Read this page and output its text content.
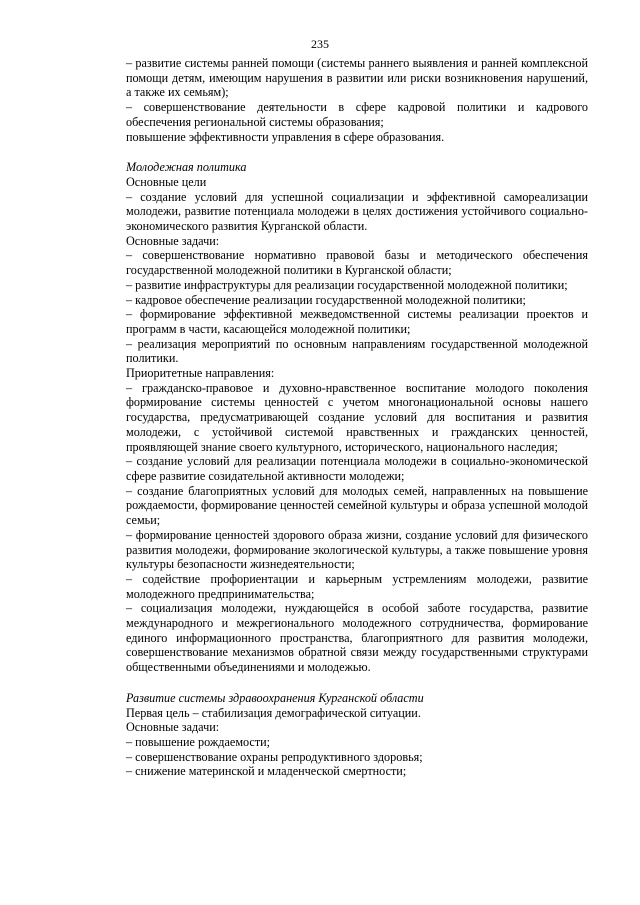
235

– развитие системы ранней помощи (системы раннего выявления и ранней комплексной помощи детям, имеющим нарушения в развитии или риски возникновения нарушений, а также их семьям);

– совершенствование деятельности в сфере кадровой политики и кадрового обеспечения региональной системы образования;

повышение эффективности управления в сфере образования.

Молодежная политика

Основные цели

– создание условий для успешной социализации и эффективной самореализации молодежи, развитие потенциала молодежи в целях достижения устойчивого социально-экономического развития Курганской области.

Основные задачи:

– совершенствование нормативно правовой базы и методического обеспечения государственной молодежной политики в Курганской области;

– развитие инфраструктуры для реализации государственной молодежной политики;

– кадровое обеспечение реализации государственной молодежной политики;

– формирование эффективной межведомственной системы реализации проектов и программ в части, касающейся молодежной политики;

– реализация мероприятий по основным направлениям государственной молодежной политики.

Приоритетные направления:

– гражданско-правовое и духовно-нравственное воспитание молодого поколения формирование системы ценностей с учетом многонациональной основы нашего государства, предусматривающей создание условий для воспитания и развития молодежи, с устойчивой системой нравственных и гражданских ценностей, проявляющей знание своего культурного, исторического, национального наследия;

– создание условий для реализации потенциала молодежи в социально-экономической сфере развитие созидательной активности молодежи;

– создание благоприятных условий для молодых семей, направленных на повышение рождаемости, формирование ценностей семейной культуры и образа успешной молодой семьи;

– формирование ценностей здорового образа жизни, создание условий для физического развития молодежи, формирование экологической культуры, а также повышение уровня культуры безопасности жизнедеятельности;

– содействие профориентации и карьерным устремлениям молодежи, развитие молодежного предпринимательства;

– социализация молодежи, нуждающейся в особой заботе государства, развитие международного и межрегионального молодежного сотрудничества, формирование единого информационного пространства, благоприятного для развития молодежи, совершенствование механизмов обратной связи между государственными структурами общественными объединениями и молодежью.

Развитие системы здравоохранения Курганской области

Первая цель – стабилизация демографической ситуации.

Основные задачи:

– повышение рождаемости;

– совершенствование охраны репродуктивного здоровья;

– снижение материнской и младенческой смертности;
